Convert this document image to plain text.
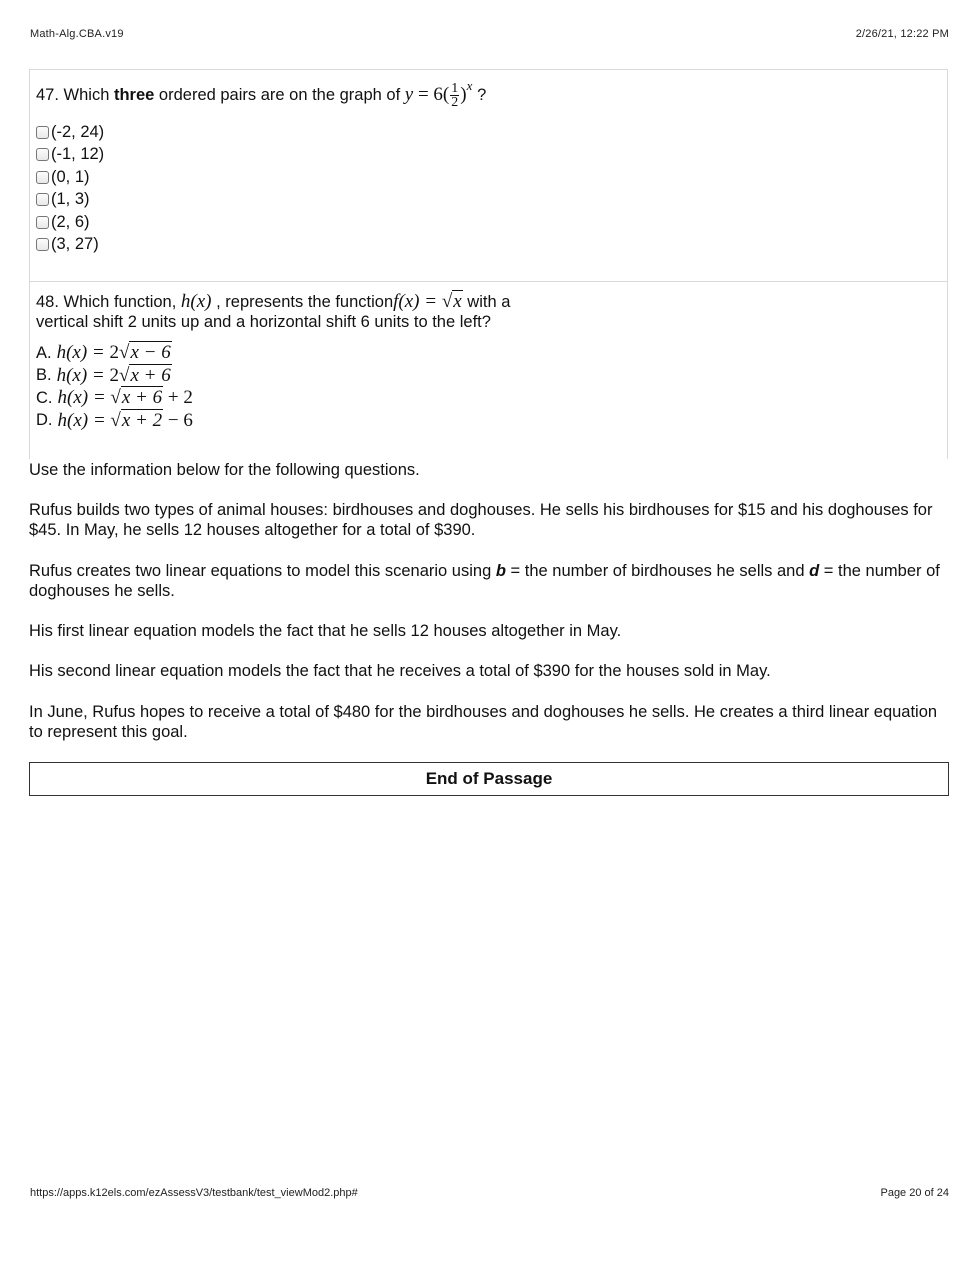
Math-Alg.CBA.v19	2/26/21, 12:22 PM
47. Which three ordered pairs are on the graph of $y = 6( \frac{1}{2} )^x$ ?
(-2, 24)
(-1, 12)
(0, 1)
(1, 3)
(2, 6)
(3, 27)
48. Which function, h(x) , represents the functionf(x) = √x with a
vertical shift 2 units up and a horizontal shift 6 units to the left?
A. h(x) = 2√x − 6
B. h(x) = 2√x + 6
C. h(x) = √x + 6 + 2
D. h(x) = √x + 2 − 6
Use the information below for the following questions.
Rufus builds two types of animal houses: birdhouses and doghouses. He sells his birdhouses for $15 and his doghouses for $45. In May, he sells 12 houses altogether for a total of $390.
Rufus creates two linear equations to model this scenario using b = the number of birdhouses he sells and d = the number of doghouses he sells.
His first linear equation models the fact that he sells 12 houses altogether in May.
His second linear equation models the fact that he receives a total of $390 for the houses sold in May.
In June, Rufus hopes to receive a total of $480 for the birdhouses and doghouses he sells. He creates a third linear equation to represent this goal.
End of Passage
https://apps.k12els.com/ezAssessV3/testbank/test_viewMod2.php#	Page 20 of 24
